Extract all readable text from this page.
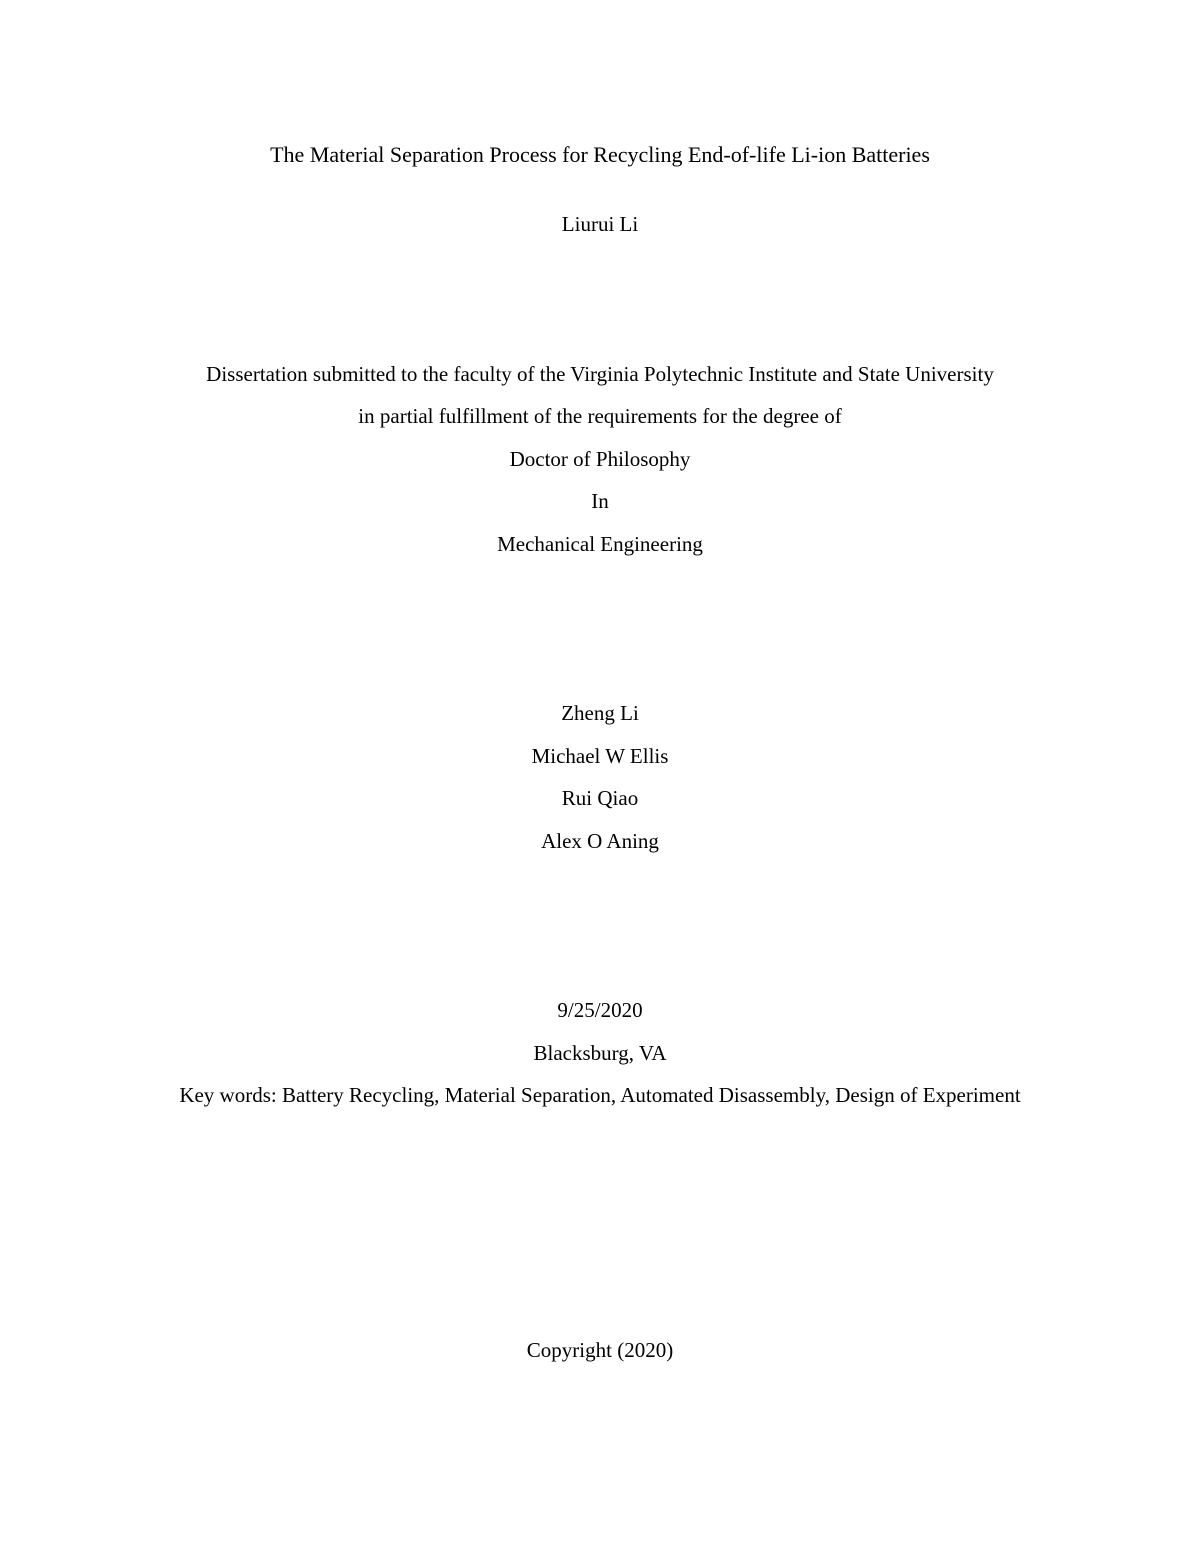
The Material Separation Process for Recycling End-of-life Li-ion Batteries
Liurui Li
Dissertation submitted to the faculty of the Virginia Polytechnic Institute and State University
in partial fulfillment of the requirements for the degree of
Doctor of Philosophy
In
Mechanical Engineering
Zheng Li
Michael W Ellis
Rui Qiao
Alex O Aning
9/25/2020
Blacksburg, VA
Key words: Battery Recycling, Material Separation, Automated Disassembly, Design of Experiment
Copyright (2020)
